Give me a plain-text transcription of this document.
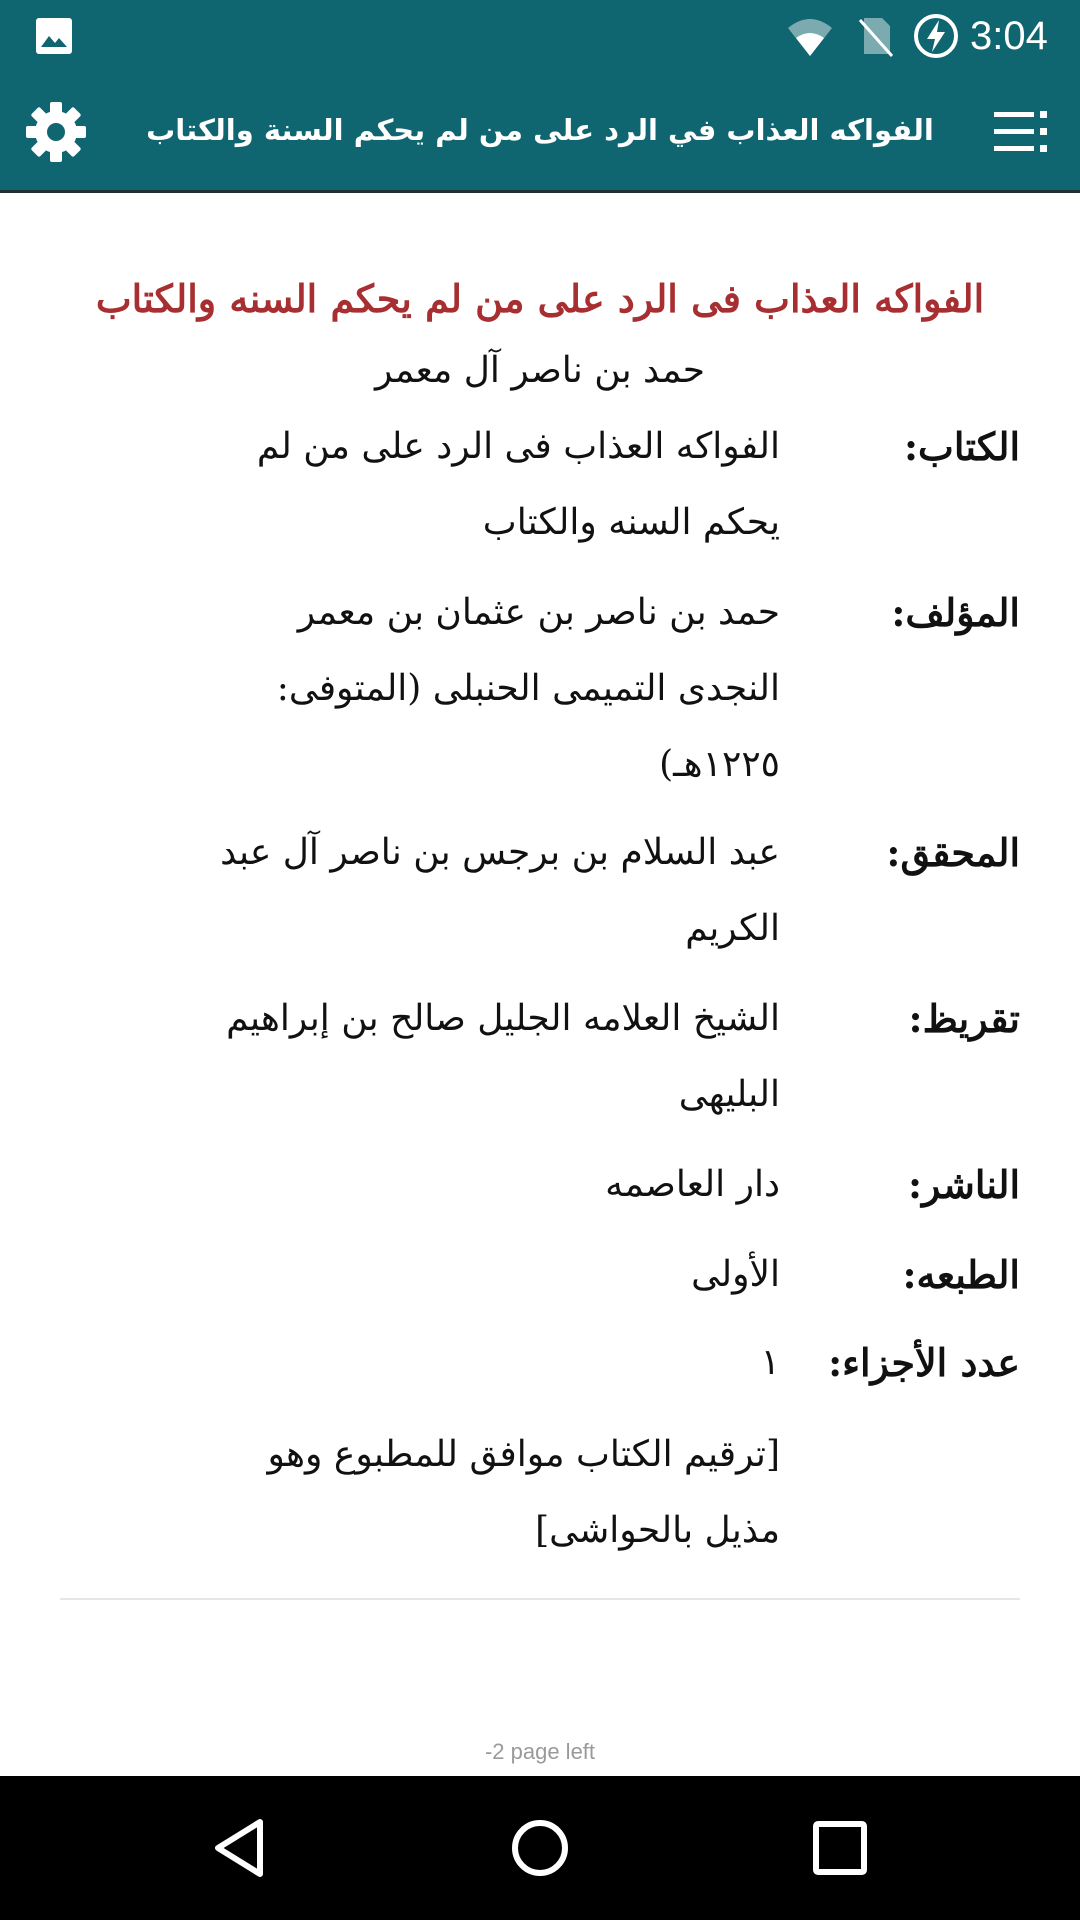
3:04
الفواكه العذاب في الرد على من لم يحكم السنة والكتاب
الفواكه العذاب فى الرد على من لم يحكم السنه والكتاب
حمد بن ناصر آل معمر
الكتاب:
الفواكه العذاب فى الرد على من لم يحكم السنه والكتاب
المؤلف:
حمد بن ناصر بن عثمان بن معمر النجدى التميمى الحنبلى (المتوفى: ١٢٢٥هـ)
المحقق:
عبد السلام بن برجس بن ناصر آل عبد الكريم
تقريظ:
الشيخ العلامه الجليل صالح بن إبراهيم البليهى
الناشر:
دار العاصمه
الطبعه:
الأولى
عدد الأجزاء:
١
[ترقيم الكتاب موافق للمطبوع وهو مذيل بالحواشى]
-2 page left
